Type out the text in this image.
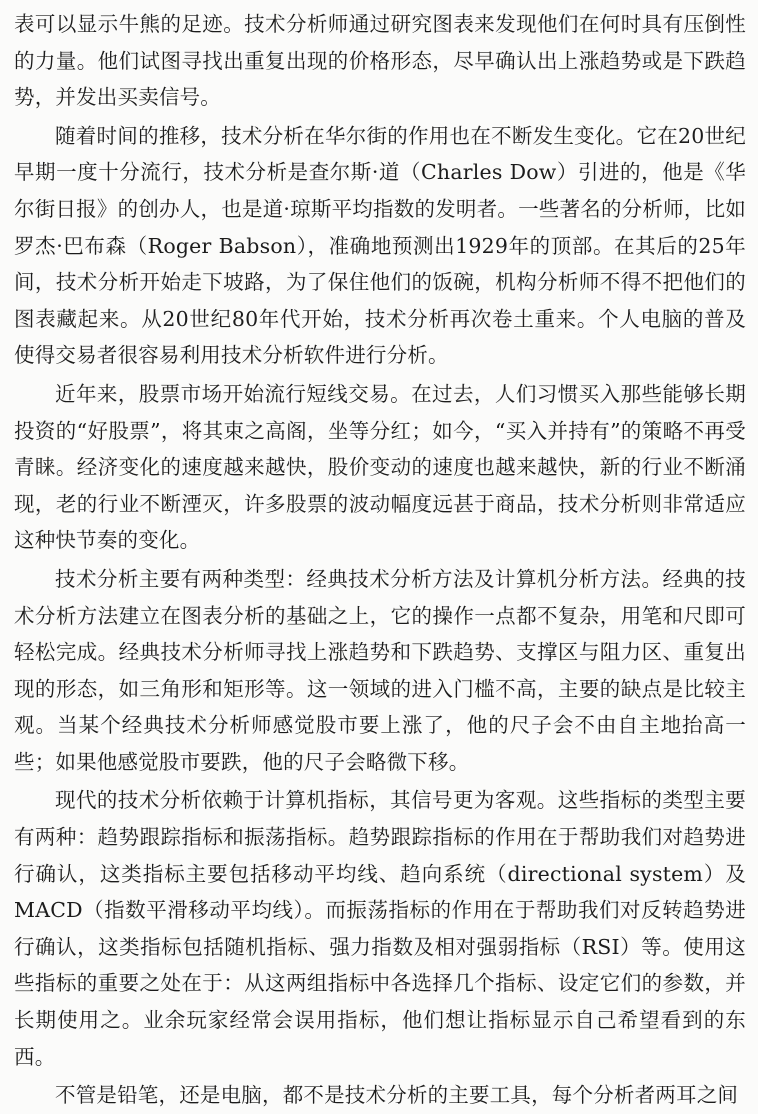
表可以显示牛熊的足迹。技术分析师通过研究图表来发现他们在何时具有压倒性的力量。他们试图寻找出重复出现的价格形态，尽早确认出上涨趋势或是下跌趋势，并发出买卖信号。

随着时间的推移，技术分析在华尔街的作用也在不断发生变化。它在20世纪早期一度十分流行，技术分析是查尔斯·道（Charles Dow）引进的，他是《华尔街日报》的创办人，也是道·琼斯平均指数的发明者。一些著名的分析师，比如罗杰·巴布森（Roger Babson），准确地预测出1929年的顶部。在其后的25年间，技术分析开始走下坡路，为了保住他们的饭碗，机构分析师不得不把他们的图表藏起来。从20世纪80年代开始，技术分析再次卷土重来。个人电脑的普及使得交易者很容易利用技术分析软件进行分析。

近年来，股票市场开始流行短线交易。在过去，人们习惯买入那些能够长期投资的“好股票”，将其束之高阁，坐等分红；如今，“买入并持有”的策略不再受青睐。经济变化的速度越来越快，股价变动的速度也越来越快，新的行业不断涌现，老的行业不断湮灭，许多股票的波动幅度远甚于商品，技术分析则非常适应这种快节奏的变化。

技术分析主要有两种类型：经典技术分析方法及计算机分析方法。经典的技术分析方法建立在图表分析的基础之上，它的操作一点都不复杂，用笔和尺即可轻松完成。经典技术分析师寻找上涨趋势和下跌趋势、支撑区与阻力区、重复出现的形态，如三角形和矩形等。这一领域的进入门槛不高，主要的缺点是比较主观。当某个经典技术分析师感觉股市要上涨了，他的尺子会不由自主地抬高一些；如果他感觉股市要跌，他的尺子会略微下移。

现代的技术分析依赖于计算机指标，其信号更为客观。这些指标的类型主要有两种：趋势跟踪指标和振荡指标。趋势跟踪指标的作用在于帮助我们对趋势进行确认，这类指标主要包括移动平均线、趋向系统（directional system）及MACD（指数平滑移动平均线）。而振荡指标的作用在于帮助我们对反转趋势进行确认，这类指标包括随机指标、强力指数及相对强弱指标（RSI）等。使用这些指标的重要之处在于：从这两组指标中各选择几个指标、设定它们的参数，并长期使用之。业余玩家经常会误用指标，他们想让指标显示自己希望看到的东西。

不管是铅笔，还是电脑，都不是技术分析的主要工具，每个分析者两耳之间
